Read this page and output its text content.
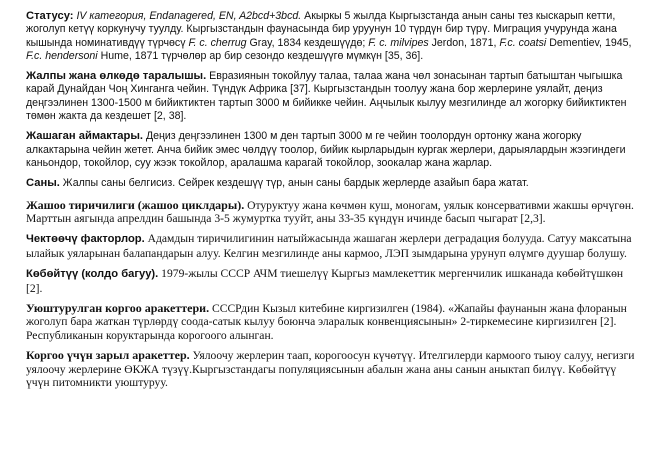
Статусу: IV категория, Endanagered, EN, A2bcd+3bcd. Акыркы 5 жылда Кыргызстанда анын саны тез кыскарып кетти, жоголуп кетүү коркунучу туулду. Кыргызстандын фаунасында бир уруунун 10 түрдүн бир түрү. Миграция учурунда жана кышында номинативдүү түрчөсү F. c. cherrug Gray, 1834 кездешүүдө; F. c. milvipes Jerdon, 1871, F.c. coatsi Dementiev, 1945, F.c. hendersoni Hume, 1871 түрчөлөр ар бир сезондо кездешүүгө мүмкүн [35, 36].

Жалпы жана өлкөдө таралышы. Евразиянын токойлуу талаа, талаа жана чөл зонасынан тартып батыштан чыгышка карай Дунайдан Чоң Хинганга чейин. Түндүк Африка [37]. Кыргызстандын тоолуу жана бор жерлерине уялайт, деңиз деңгээлинен 1300-1500 м бийиктиктен тартып 3000 м бийикке чейин. Аңчылык кылуу мезгилинде ал жогорку бийиктиктен төмөн жакта да кездешет [2, 38].

Жашаган аймактары. Деңиз деңгээлинен 1300 м ден тартып 3000 м ге чейин тоолордун ортонку жана жогорку алкактарына чейин жетет. Анча бийик эмес чөлдүү тоолор, бийик кырларыдын кургак жерлери, дарыялардын жээгиндеги каньондор, токойлор, суу жээк токойлор, аралашма карагай токойлор, зоокалар жана жарлар.

Саны. Жалпы саны белгисиз. Сейрек кездешүү түр, анын саны бардык жерлерде азайып бара жатат.

Жашоо тиричилиги (жашоо циклдары). Отуруктуу жана көчмөн куш, моногам, уялык консервативми жакшы өрчүгөн. Марттын аягында апрелдин башында 3-5 жумуртка тууйт, аны 33-35 күндүн ичинде басып чыгарат [2,3].

Чектөөчү факторлор. Адамдын тиричилигинин натыйжасында жашаган жерлери деградация болууда. Сатуу максатына ылайык уяларынан балапандарын алуу. Келгин мезгилинде аны кармоо, ЛЭП зымдарына урунуп өлүмгө дуушар болушу.

Көбөйтүү (колдо багуу). 1979-жылы СССР АЧМ тиешелүү Кыргыз мамлекеттик мергенчилик ишканада көбөйтүшкөн [2].

Уюштурулган коргоо аракеттери. СССРдин Кызыл китебине киргизилген (1984). «Жапайы фаунанын жана флоранын жоголуп бара жаткан түрлөрдү соода-сатык кылуу боюнча эларалык конвенциясынын» 2-тиркемесине киргизилген [2]. Республиканын коруктарында корогоого алынган.

Коргоо үчүн зарыл аракеттер. Уялоочу жерлерин таап, корогоосун күчөтүү. Ителгилерди кармоого тыюу салуу, негизги уялоочу жерлерине ӨКЖА түзүү.Кыргызстандагы популяциясынын абалын жана аны санын аныктап билүү. Көбөйтүү үчүн питомникти уюштуруу.
